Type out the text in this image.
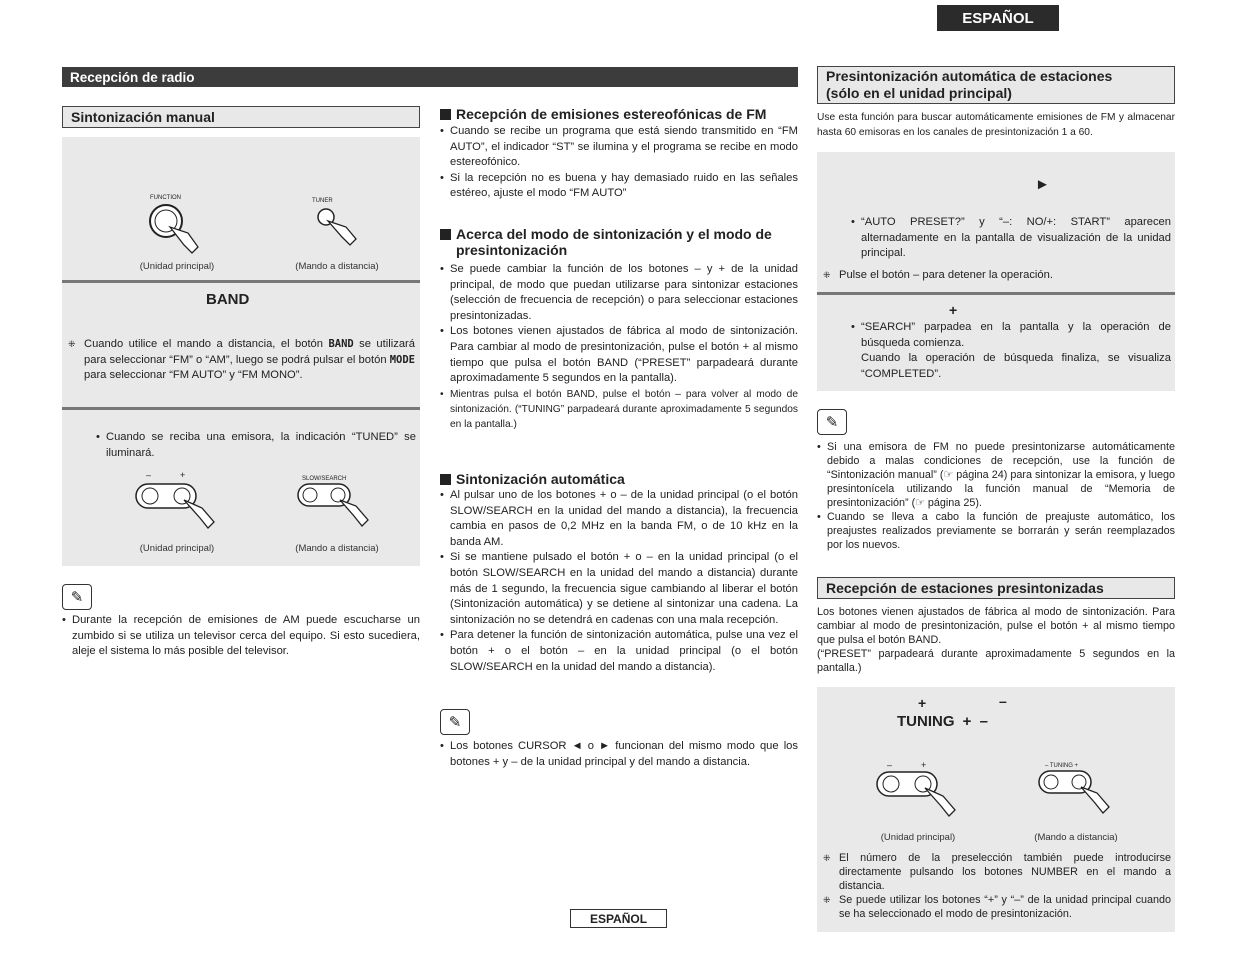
ESPAÑOL
Recepción de radio
Sintonización manual
FUNCTION	TUNER
(Unidad principal)	(Mando a distancia)
BAND
⁜ Cuando utilice el mando a distancia, el botón BAND se utilizará para seleccionar “FM” o “AM”, luego se podrá pulsar el botón MODE para seleccionar “FM AUTO” y “FM MONO”.
• Cuando se reciba una emisora, la indicación “TUNED” se iluminará.
–	+	SLOW/SEARCH
(Unidad principal)	(Mando a distancia)
✎
• Durante la recepción de emisiones de AM puede escucharse un zumbido si se utiliza un televisor cerca del equipo. Si esto sucediera, aleje el sistema lo más posible del televisor.
Recepción de emisiones estereofónicas de FM
• Cuando se recibe un programa que está siendo transmitido en “FM AUTO”, el indicador “ST” se ilumina y el programa se recibe en modo estereofónico.
• Si la recepción no es buena y hay demasiado ruido en las señales estéreo, ajuste el modo “FM AUTO”
Acerca del modo de sintonización y el modo de presintonización
• Se puede cambiar la función de los botones – y + de la unidad principal, de modo que puedan utilizarse para sintonizar estaciones (selección de frecuencia de recepción) o para seleccionar estaciones presintonizadas.
• Los botones vienen ajustados de fábrica al modo de sintonización. Para cambiar al modo de presintonización, pulse el botón + al mismo tiempo que pulsa el botón BAND (“PRESET” parpadeará durante aproximadamente 5 segundos en la pantalla).
• Mientras pulsa el botón BAND, pulse el botón – para volver al modo de sintonización. (“TUNING” parpadeará durante aproximadamente 5 segundos en la pantalla.)
Sintonización automática
• Al pulsar uno de los botones + o – de la unidad principal (o el botón SLOW/SEARCH en la unidad del mando a distancia), la frecuencia cambia en pasos de 0,2 MHz en la banda FM, o de 10 kHz en la banda AM.
• Si se mantiene pulsado el botón + o – en la unidad principal (o el botón SLOW/SEARCH en la unidad del mando a distancia) durante más de 1 segundo, la frecuencia sigue cambiando al liberar el botón (Sintonización automática) y se detiene al sintonizar una cadena. La sintonización no se detendrá en cadenas con una mala recepción.
• Para detener la función de sintonización automática, pulse una vez el botón + o el botón – en la unidad principal (o el botón SLOW/SEARCH en la unidad del mando a distancia).
✎
• Los botones CURSOR ◄ o ► funcionan del mismo modo que los botones + y – de la unidad principal y del mando a distancia.
Presintonización automática de estaciones
(sólo en el unidad principal)
Use esta función para buscar automáticamente emisiones de FM y almacenar hasta 60 emisoras en los canales de presintonización 1 a 60.
►
• “AUTO PRESET?” y “–: NO/+: START” aparecen alternadamente en la pantalla de visualización de la unidad principal.
⁜ Pulse el botón – para detener la operación.
+
• “SEARCH” parpadea en la pantalla y la operación de búsqueda comienza.
Cuando la operación de búsqueda finaliza, se visualiza “COMPLETED”.
✎
• Si una emisora de FM no puede presintonizarse automáticamente debido a malas condiciones de recepción, use la función de “Sintonización manual” (☞ página 24) para sintonizar la emisora, y luego presintonícela utilizando la función manual de “Memoria de presintonización” (☞ página 25).
• Cuando se lleva a cabo la función de preajuste automático, los preajustes realizados previamente se borrarán y serán reemplazados por los nuevos.
Recepción de estaciones presintonizadas
Los botones vienen ajustados de fábrica al modo de sintonización. Para cambiar al modo de presintonización, pulse el botón + al mismo tiempo que pulsa el botón BAND.
(“PRESET” parpadeará durante aproximadamente 5 segundos en la pantalla.)
+	–
TUNING + –
–	+	– TUNING +
(Unidad principal)	(Mando a distancia)
⁜ El número de la preselección también puede introducirse directamente pulsando los botones NUMBER en el mando a distancia.
⁜ Se puede utilizar los botones “+” y “–” de la unidad principal cuando se ha seleccionado el modo de presintonización.
ESPAÑOL
